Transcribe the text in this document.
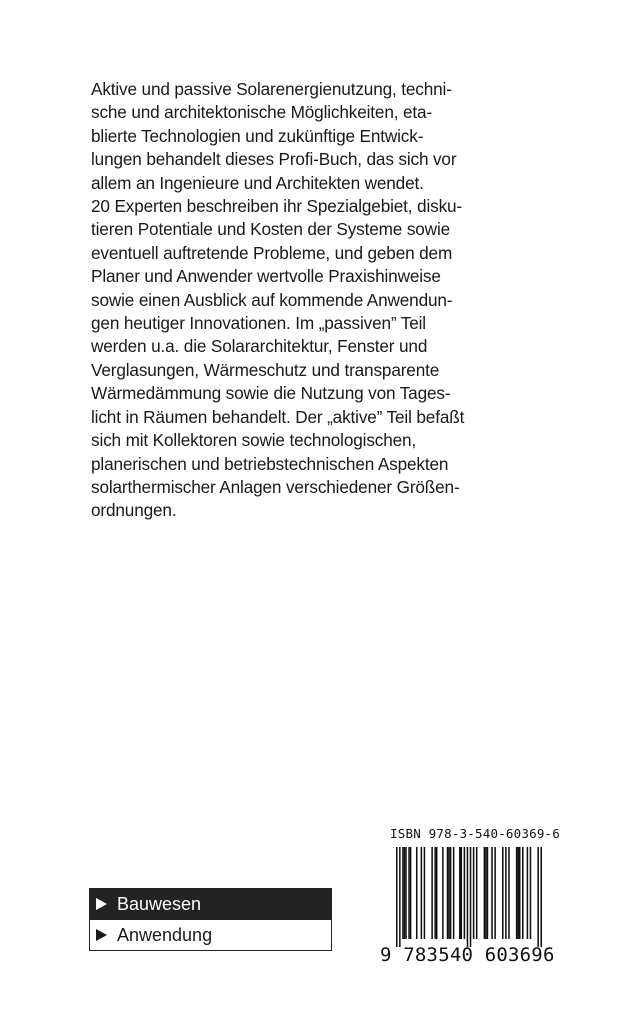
Aktive und passive Solarenergienutzung, techni-
sche und architektonische Möglichkeiten, eta-
blierte Technologien und zukünftige Entwick-
lungen behandelt dieses Profi-Buch, das sich vor
allem an Ingenieure und Architekten wendet.
20 Experten beschreiben ihr Spezialgebiet, disku-
tieren Potentiale und Kosten der Systeme sowie
eventuell auftretende Probleme, und geben dem
Planer und Anwender wertvolle Praxishinweise
sowie einen Ausblick auf kommende Anwendun-
gen heutiger Innovationen. Im „passiven” Teil
werden u.a. die Solararchitektur, Fenster und
Verglasungen, Wärmeschutz und transparente
Wärmedämmung sowie die Nutzung von Tages-
licht in Räumen behandelt. Der „aktive” Teil befaßt
sich mit Kollektoren sowie technologischen,
planerischen und betriebstechnischen Aspekten
solarthermischer Anlagen verschiedener Größen-
ordnungen.
Bauwesen
Anwendung
ISBN 978-3-540-60369-6
9 783540 603696
